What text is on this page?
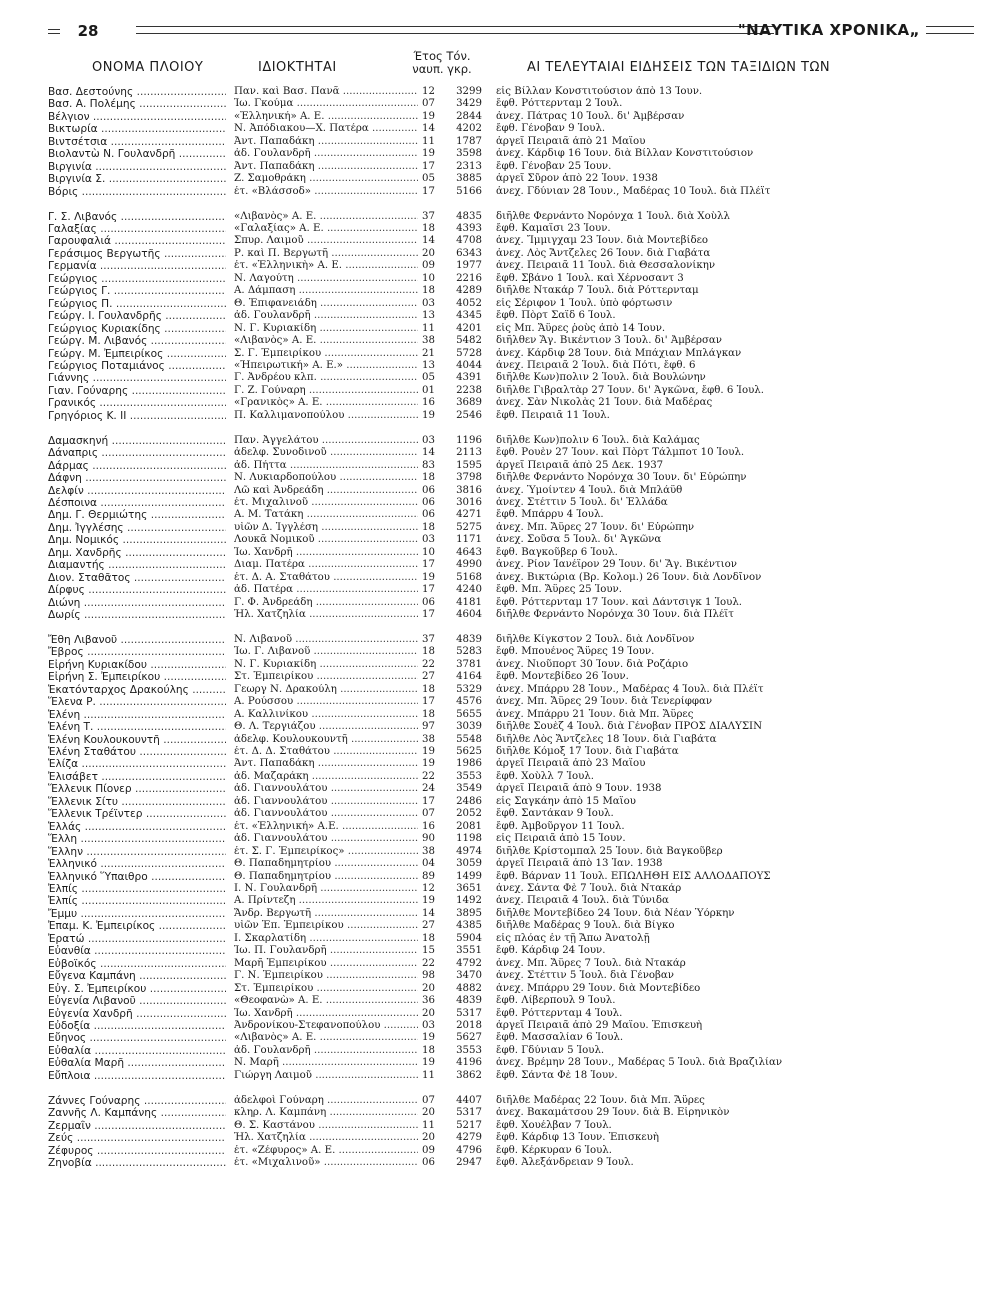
28	"ΝΑΥΤΙΚΑ ΧΡΟΝΙΚΑ„
ΟΝΟΜΑ ΠΛΟΙΟΥ	ΙΔΙΟΚΤΗΤΑΙ
Έτος Τόν.
ναυπ. γκρ.	ΑΙ ΤΕΛΕΥΤΑΙΑΙ ΕΙΔΗΣΕΙΣ ΤΩΝ ΤΑΞΙΔΙΩΝ ΤΩΝ
Βασ. Δεστούνης .....	Παν. καὶ Βασ. Πανᾶ .....	12	3299 εἰς Βίλλαν Κονστιτούσιον ἀπὸ 13 Ἰουν.
Βασ. Α. Πολέμης .....	Ἰω. Γκούμα .....	07	3429 ἔφθ. Ρόττερνταμ 2 Ἰουλ.
Βέλγιον .....	«Ἑλληνική» Α. Ε. .....	19	2844 ἀνεχ. Πάτρας 10 Ἰουλ. δι' Ἀμβέρσαν
Βικτωρία .....	Ν. Ἀπόδιακου—Χ. Πατέρα .....	14	4202 ἔφθ. Γένοβαν 9 Ἰουλ.
Βιντσέτσια .....	Ἀντ. Παπαδάκη .....	11	1787 ἀργεῖ Πειραιᾶ ἀπὸ 21 Μαΐου
Βιολαντὼ Ν. Γουλανδρῆ .....	ἀδ. Γουλανδρῆ .....	19	3598 ἀνεχ. Κάρδιφ 16 Ἰουν. διὰ Βίλλαν Κονστιτούσιον
Βιργινία .....	Ἀντ. Παπαδάκη .....	17	2313 ἔφθ. Γένοβαν 25 Ἰουν.
Βιργινία Σ. .....	Ζ. Σαμοθράκη .....	05	3885 ἀργεῖ Σῦρον ἀπὸ 22 Ἰουν. 1938
Βόρις .....	ἐτ. «Βλάσσοδ» .....	17	5166 ἀνεχ. Γδύνιαν 28 Ἰουν., Μαδέρας 10 Ἰουλ. διὰ Πλέϊτ
Γ. Σ. Λιβανός .....	«Λιβανὸς» Α. Ε. .....	37	4835 διῆλθε Φερνάντο Νορόνχα 1 Ἰουλ. διὰ Χοὺλλ
Γαλαξίας .....	«Γαλαξίας» Α. Ε. .....	18	4393 ἔφθ. Καμαϊσι 23 Ἰουν.
Γαρουφαλιά .....	Σπυρ. Λαιμοῦ .....	14	4708 ἀνεχ. Ἴμμιγχαμ 23 Ἰουν. διὰ Μοντεβίδεο
Γεράσιμος Βεργωτῆς .....	Ρ. καὶ Π. Βεργωτῆ .....	20	6343 ἀνεχ. Λὸς Ἄντζελες 26 Ἰουν. διὰ Γιαβάτα
Γερμανία .....	ἐτ. «Ἑλληνικὴ» Α. Ε. .....	09	1977 ἀνεχ. Πειραιᾶ 11 Ἰουλ. διὰ Θεσσαλονίκην
Γεώργιος .....	Ν. Λαγούτη .....	10	2216 ἔφθ. Σβάνο 1 Ἰουλ. καὶ Χέρνοσαντ 3
Γεώργιος Γ. .....	Α. Δάμπαση .....	18	4289 διῆλθε Ντακάρ 7 Ἰουλ. διὰ Ρόττερνταμ
Γεώργιος Π. .....	Θ. Ἐπιφανειάδη .....	03	4052 εἰς Σέριφον 1 Ἰουλ. ὑπὸ φόρτωσιν
Γεώργ. Ι. Γουλανδρῆς .....	ἀδ. Γουλανδρῆ .....	13	4345 ἔφθ. Πὸρτ Σαΐδ 6 Ἰουλ.
Γεώργιος Κυριακίδης .....	Ν. Γ. Κυριακίδη .....	11	4201 εἰς Μπ. Ἄϋρες ῥοὺς ἀπὸ 14 Ἰουν.
Γεώργ. Μ. Λιβανός .....	«Λιβανὸς» Α. Ε. .....	38	5482 διῆλθεν Ἅγ. Βικέντιον 3 Ἰουλ. δι' Ἀμβέρσαν
Γεώργ. Μ. Ἐμπειρίκος .....	Σ. Γ. Ἐμπειρίκου .....	21	5728 ἀνεχ. Κάρδιφ 28 Ἰουν. διὰ Μπάχιαν Μπλάγκαν
Γεώργιος Ποταμιάνος .....	«Ἠπειρωτική» Α. Ε.» .....	13	4044 ἀνεχ. Πειραιᾶ 2 Ἰουλ. διὰ Πότι, ἔφθ. 6
Γιάννης .....	Γ. Ἀνδρέου κλπ. .....	05	4391 διῆλθε Κων)πολιν 2 Ἰουλ. διὰ Βουλώνην
Γιαν. Γούναρης .....	Γ. Ζ. Γούναρη .....	01	2238 διῆλθε Γιβραλτὰρ 27 Ἰουν. δι' Ἀγκῶνα, ἔφθ. 6 Ἰουλ.
Γρανικός .....	«Γρανικὸς» Α. Ε. .....	16	3689 ἀνεχ. Σὰν Νικολὰς 21 Ἰουν. διὰ Μαδέρας
Γρηγόριος Κ. ΙΙ .....	Π. Καλλιμανοπούλου .....	19	2546 ἔφθ. Πειραιᾶ 11 Ἰουλ.
Δαμασκηνή .....	Παν. Ἀγγελάτου .....	03	1196 διῆλθε Κων)πολιν 6 Ἰουλ. διὰ Καλάμας
Δάναπρις .....	ἀδελφ. Συνοδινοῦ .....	14	2113 ἔφθ. Ρουὲν 27 Ἰουν. καὶ Πὸρτ Τάλμποτ 10 Ἰουλ.
Δάρμας .....	ἀδ. Πήττα .....	83	1595 ἀργεῖ Πειραιᾶ ἀπὸ 25 Δεκ. 1937
Δάφνη .....	Ν. Λυκιαρδοπούλου .....	18	3798 διῆλθε Φερνάντο Νορόνχα 30 Ἰουν. δι' Εὐρώπην
Δελφίν .....	Λῶ καὶ Ἀνδρεάδη .....	06	3816 ἀνεχ. Ὑμοίντεν 4 Ἰουλ. διὰ Μπλάϋθ
Δέσποινα .....	ἐτ. Μιχαλινοῦ .....	06	3016 ἀνεχ. Στέττιν 5 Ἰουλ. δι' Ἑλλάδα
Δημ. Γ. Θερμιώτης .....	Α. Μ. Τατάκη .....	06	4271 ἔφθ. Μπάρρυ 4 Ἰουλ.
Δημ. Ἰγγλέσης .....	υἱῶν Δ. Ἰγγλέση .....	18	5275 ἀνεχ. Μπ. Ἄϋρες 27 Ἰουν. δι' Εὐρώπην
Δημ. Νομικός .....	Λουκᾶ Νομικοῦ .....	03	1171 ἀνεχ. Σοῦσα 5 Ἰουλ. δι' Ἀγκῶνα
Δημ. Χανδρῆς .....	Ἰω. Χανδρῆ .....	10	4643 ἔφθ. Βαγκοῦβερ 6 Ἰουλ.
Διαμαντής .....	Διαμ. Πατέρα .....	17	4990 ἀνεχ. Ρίον Ἰανέϊρον 29 Ἰουν. δι' Ἅγ. Βικέντιον
Διον. Σταθᾶτος .....	ἐτ. Δ. Α. Σταθάτου .....	19	5168 ἀνεχ. Βικτώρια (Βρ. Κολομ.) 26 Ἰουν. διὰ Λονδῖνον
Δίρφυς .....	ἀδ. Πατέρα .....	17	4240 ἔφθ. Μπ. Ἄϋρες 25 Ἰουν.
Διώνη .....	Γ. Φ. Ἀνδρεάδη .....	06	4181 ἔφθ. Ρόττερνταμ 17 Ἰουν. καὶ Δάντσιγκ 1 Ἰουλ.
Δωρίς .....	Ἠλ. Χατζηλία .....	17	4604 διῆλθε Φερνάντο Νορόνχα 30 Ἰουν. διὰ Πλέϊτ
Ἔθη Λιβανοῦ .....	Ν. Λιβανοῦ .....	37	4839 διῆλθε Κίγκστον 2 Ἰουλ. διὰ Λονδῖνον
Ἔβρος .....	Ἰω. Γ. Λιβανοῦ .....	18	5283 ἔφθ. Μπουένος Ἄϋρες 19 Ἰουν.
Εἰρήνη Κυριακίδου .....	Ν. Γ. Κυριακίδη .....	22	3781 ἀνεχ. Νιοῦπορτ 30 Ἰουν. διὰ Ροζάριο
Εἰρήνη Σ. Ἐμπειρίκου .....	Στ. Ἐμπειρίκου .....	27	4164 ἔφθ. Μοντεβίδεο 26 Ἰουν.
Ἑκατόνταρχος Δρακούλης .....	Γεωργ Ν. Δρακούλη .....	18	5329 ἀνεχ. Μπάρρυ 28 Ἰουν., Μαδέρας 4 Ἰουλ. διὰ Πλέϊτ
Ἕλενα Ρ. .....	Α. Ρούσσου .....	17	4576 ἀνεχ. Μπ. Ἄϋρες 29 Ἰουν. διὰ Τενερίφφαν
Ἑλένη .....	Α. Καλλινίκου .....	18	5655 ἀνεχ. Μπάρρυ 21 Ἰουν. διὰ Μπ. Ἄϋρες
Ἑλένη Τ. .....	Θ. Λ. Τεργιάζου .....	97	3039 διῆλθε Σουὲζ 4 Ἰουλ. διὰ Γένοβαν ΠΡΟΣ ΔΙΑΛΥΣΙΝ
Ἑλένη Κουλουκουντῆ .....	ἀδελφ. Κουλουκουντῆ .....	38	5548 διῆλθε Λὸς Ἄντζελες 18 Ἰουν. διὰ Γιαβάτα
Ἑλένη Σταθάτου .....	ἐτ. Δ. Δ. Σταθάτου .....	19	5625 διῆλθε Κόμοξ 17 Ἰουν. διὰ Γιαβάτα
Ἑλίζα .....	Ἀντ. Παπαδάκη .....	19	1986 ἀργεῖ Πειραιᾶ ἀπὸ 23 Μαΐου
Ἐλισάβετ .....	ἀδ. Μαζαράκη .....	22	3553 ἔφθ. Χοὺλλ 7 Ἰουλ.
Ἕλλενικ Πίονερ .....	ἀδ. Γιαννουλάτου .....	24	3549 ἀργεῖ Πειραιᾶ ἀπὸ 9 Ἰουν. 1938
Ἕλλενικ Σίτυ .....	ἀδ. Γιαννουλάτου .....	17	2486 εἰς Σαγκάην ἀπὸ 15 Μαΐου
Ἕλλενικ Τρέϊντερ .....	ἀδ. Γιαννουλάτου .....	07	2052 ἔφθ. Σαντάκαν 9 Ἰουλ.
Ἑλλάς .....	ἐτ. «Ἑλληνική» Α.Ε. .....	16	2081 ἔφθ. Ἀμβοῦργον 11 Ἰουλ.
Ἕλλη .....	ἀδ. Γιαννουλάτου .....	90	1198 εἰς Πειραιᾶ ἀπὸ 15 Ἰουν.
Ἕλλην .....	ἐτ. Σ. Γ. Ἐμπειρίκος» .....	38	4974 διῆλθε Κρίστομπαλ 25 Ἰουν. διὰ Βαγκοῦβερ
Ἑλληνικό .....	Θ. Παπαδημητρίου .....	04	3059 ἀργεῖ Πειραιᾶ ἀπὸ 13 Ἰαν. 1938
Ἑλληνικό Ὕπαιθρο .....	Θ. Παπαδημητρίου .....	89	1499 ἔφθ. Βάρναν 11 Ἰουλ. ΕΠΩΛΗΘΗ ΕΙΣ ΑΛΛΟΔΑΠΟΥΣ
Ἐλπίς .....	Ι. Ν. Γουλανδρῆ .....	12	3651 ἀνεχ. Σάντα Φὲ 7 Ἰουλ. διὰ Ντακάρ
Ἐλπίς .....	Α. Πρίντεζη .....	19	1492 ἀνεχ. Πειραιᾶ 4 Ἰουλ. διὰ Τύνιδα
Ἔμμυ .....	Ἄνδρ. Βεργωτῆ .....	14	3895 διῆλθε Μοντεβίδεο 24 Ἰουν. διὰ Νέαν Ὑόρκην
Ἐπαμ. Κ. Ἐμπειρίκος .....	υἱῶν Ἐπ. Ἐμπειρίκου .....	27	4385 διῆλθε Μαδέρας 9 Ἰουλ. διὰ Βίγκο
Ἐρατώ .....	Ι. Σκαρλατίδη .....	18	5904 εἰς πλόας ἐν τῇ Ἄπω Ἀνατολῇ
Εὐανθία .....	Ἰω. Π. Γουλανδρῆ .....	15	3551 ἔφθ. Κάρδιφ 24 Ἰουν.
Εὐβοϊκός .....	Μαρῆ Ἐμπειρίκου .....	22	4792 ἀνεχ. Μπ. Ἄϋρες 7 Ἰουλ. διὰ Ντακάρ
Εὔγενα Καμπάνη .....	Γ. Ν. Ἐμπειρίκου .....	98	3470 ἀνεχ. Στέττιν 5 Ἰουλ. διὰ Γένοβαν
Εὐγ. Σ. Ἐμπειρίκου .....	Στ. Ἐμπειρίκου .....	20	4882 ἀνεχ. Μπάρρυ 29 Ἰουν. διὰ Μοντεβίδεο
Εὐγενία Λιβανοῦ .....	«Θεοφανὼ» Α. Ε. .....	36	4839 ἔφθ. Λίβερπουλ 9 Ἰουλ.
Εὐγενία Χανδρῆ .....	Ἰω. Χανδρῆ .....	20	5317 ἔφθ. Ρόττερνταμ 4 Ἰουλ.
Εὐδοξία .....	Ἀνδρονίκου-Στεφανοπούλου .....	03	2018 ἀργεῖ Πειραιᾶ ἀπὸ 29 Μαΐου. Ἐπισκευὴ
Εὔηνος .....	«Λιβανὸς» Α. Ε. .....	19	5627 ἔφθ. Μασσαλίαν 6 Ἰουλ.
Εὐθαλία .....	ἀδ. Γουλανδρῆ .....	18	3553 ἔφθ. Γδύνιαν 5 Ἰουλ.
Εὐθαλία Μαρῆ .....	Ν. Μαρῆ .....	19	4196 ἀνεχ. Βρέμην 28 Ἰουν., Μαδέρας 5 Ἰουλ. διὰ Βραζιλίαν
Εὔπλοια .....	Γιώργη Λαιμοῦ .....	11	3862 ἔφθ. Σάντα Φὲ 18 Ἰουν.
Ζάννες Γούναρης .....	ἀδελφοὶ Γούναρη .....	07	4407 διῆλθε Μαδέρας 22 Ἰουν. διὰ Μπ. Ἄϋρες
Ζαννῆς Λ. Καμπάνης .....	κληρ. Λ. Καμπάνη .....	20	5317 ἀνεχ. Βακαμάτσου 29 Ἰουν. διὰ Β. Εἰρηνικὸν
Ζερμαΐν .....	Θ. Σ. Καστάνου .....	11	5217 ἔφθ. Χουέλβαν 7 Ἰουλ.
Ζεύς .....	Ἠλ. Χατζηλία .....	20	4279 ἔφθ. Κάρδιφ 13 Ἰουν. Ἐπισκευὴ
Ζέφυρος .....	ἐτ. «Ζέφυρος» Α. Ε. .....	09	4796 ἔφθ. Κέρκυραν 6 Ἰουλ.
Ζηνοβία .....	ἐτ. «Μιχαλινοῦ» .....	06	2947 ἔφθ. Ἀλεξάνδρειαν 9 Ἰουλ.
